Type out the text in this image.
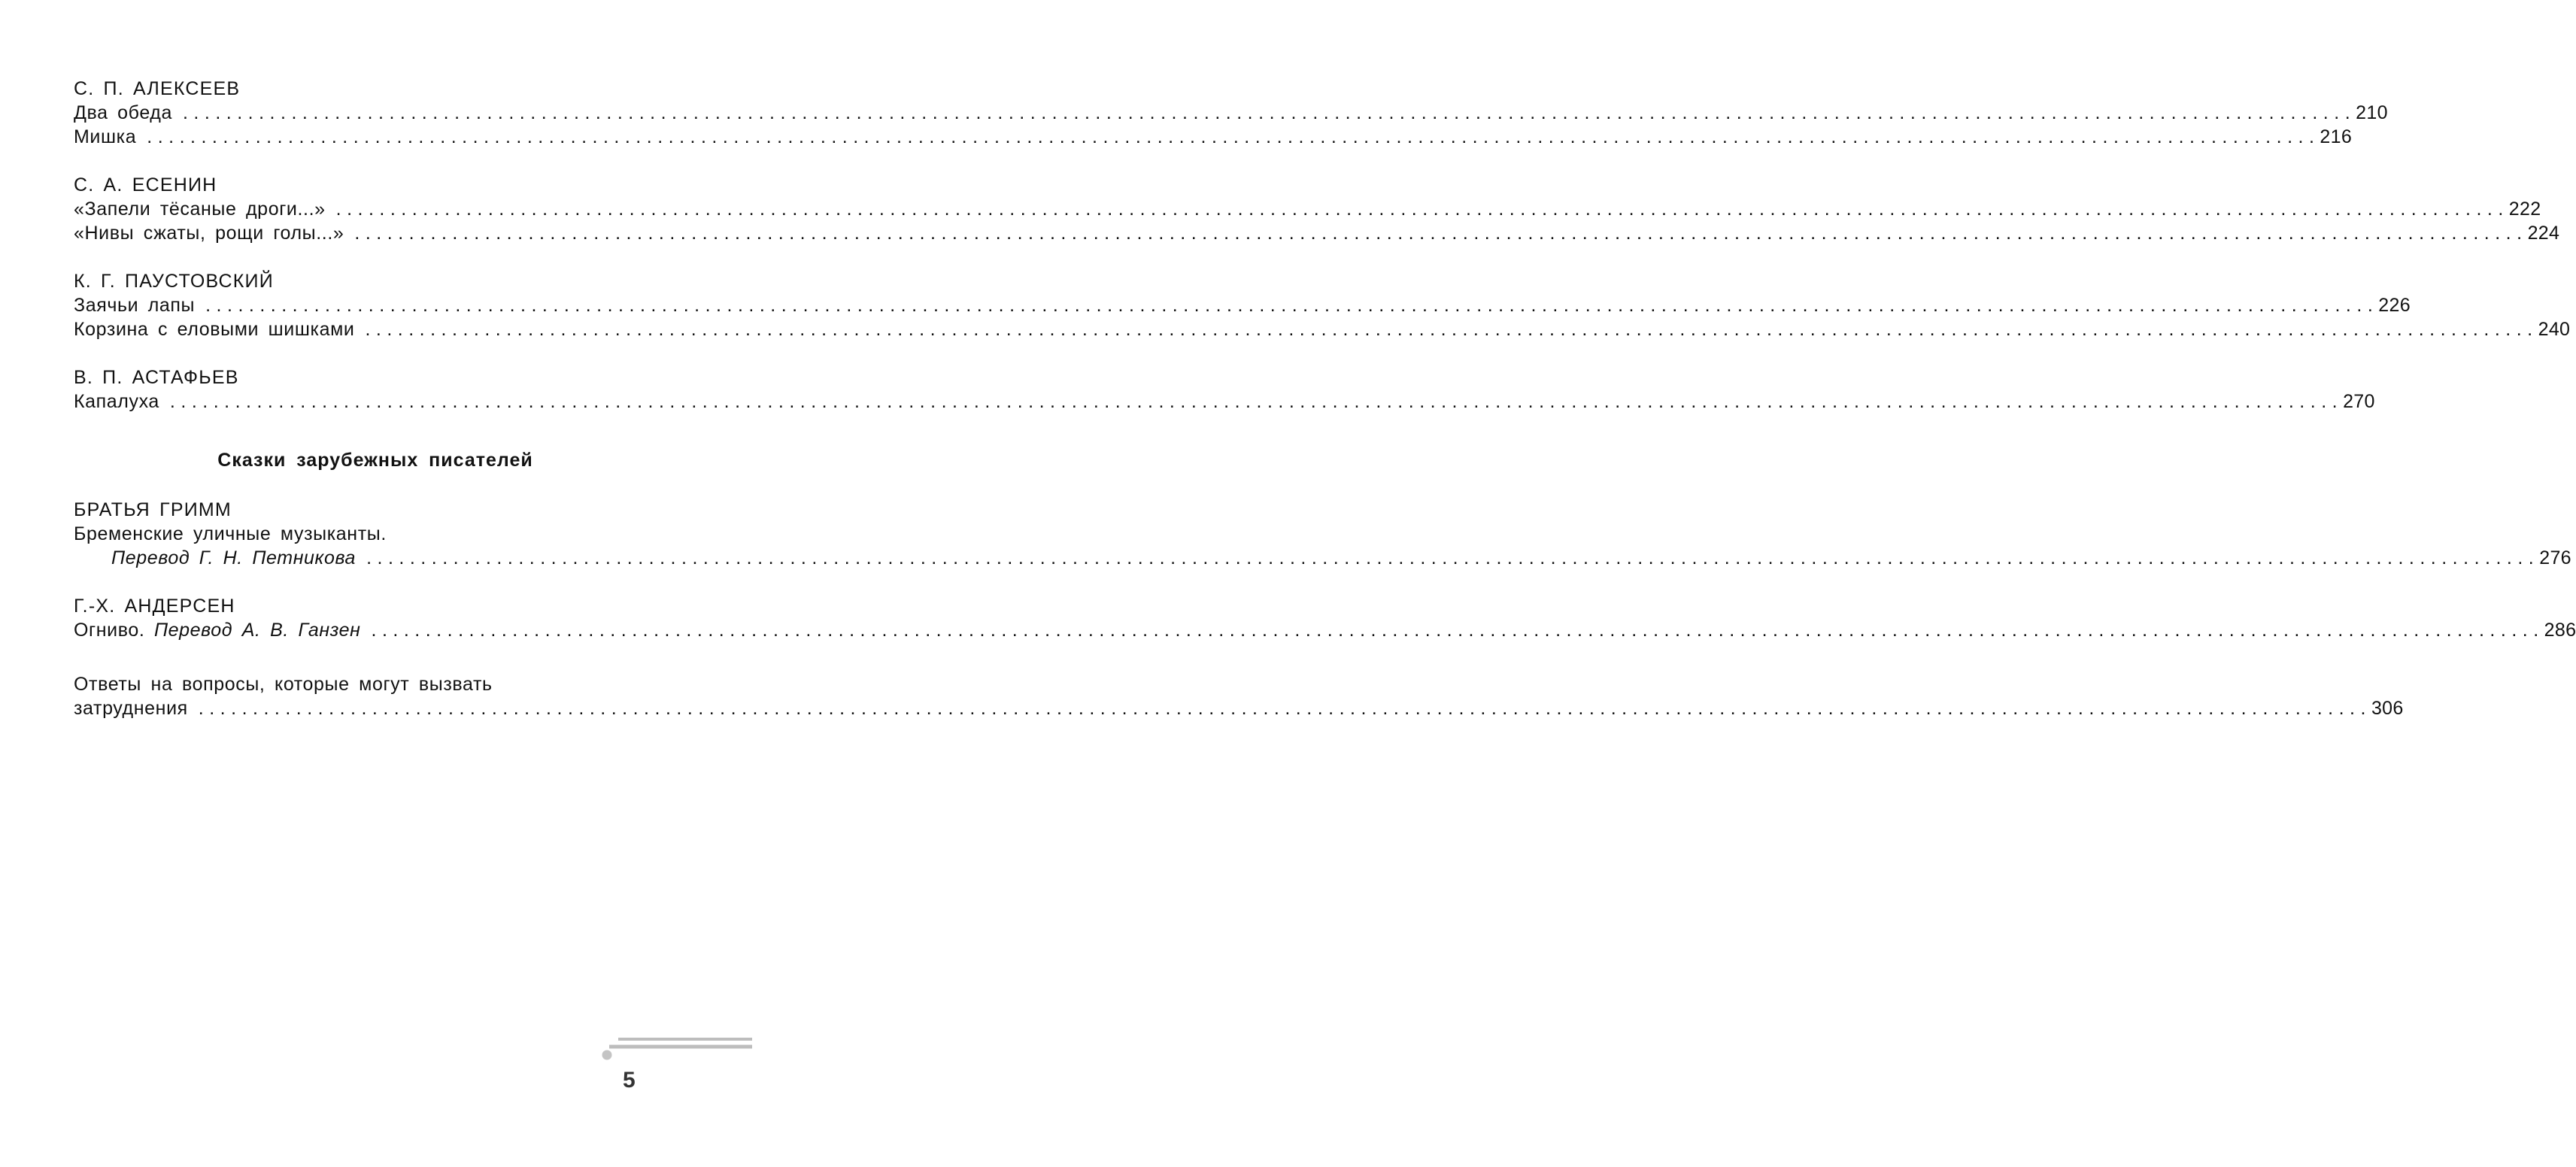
С. П. АЛЕКСЕЕВ
Два обеда ........................................................................................................................................................................................................ 210
Мишка ........................................................................................................................................................................................................ 216
С. А. ЕСЕНИН
«Запели тёсаные дроги...» ........................................................................................................................................................................................................ 222
«Нивы сжаты, рощи голы...» ........................................................................................................................................................................................................ 224
К. Г. ПАУСТОВСКИЙ
Заячьи лапы ........................................................................................................................................................................................................ 226
Корзина с еловыми шишками ........................................................................................................................................................................................................ 240
В. П. АСТАФЬЕВ
Капалуха ........................................................................................................................................................................................................ 270
Сказки зарубежных писателей
БРАТЬЯ ГРИММ
Бременские уличные музыканты.
Перевод Г. Н. Петникова ........................................................................................................................................................................................................ 276
Г.-Х. АНДЕРСЕН
Огниво. Перевод А. В. Ганзен ........................................................................................................................................................................................................ 286
Ответы на вопросы, которые могут вызвать
затруднения ........................................................................................................................................................................................................ 306
5
